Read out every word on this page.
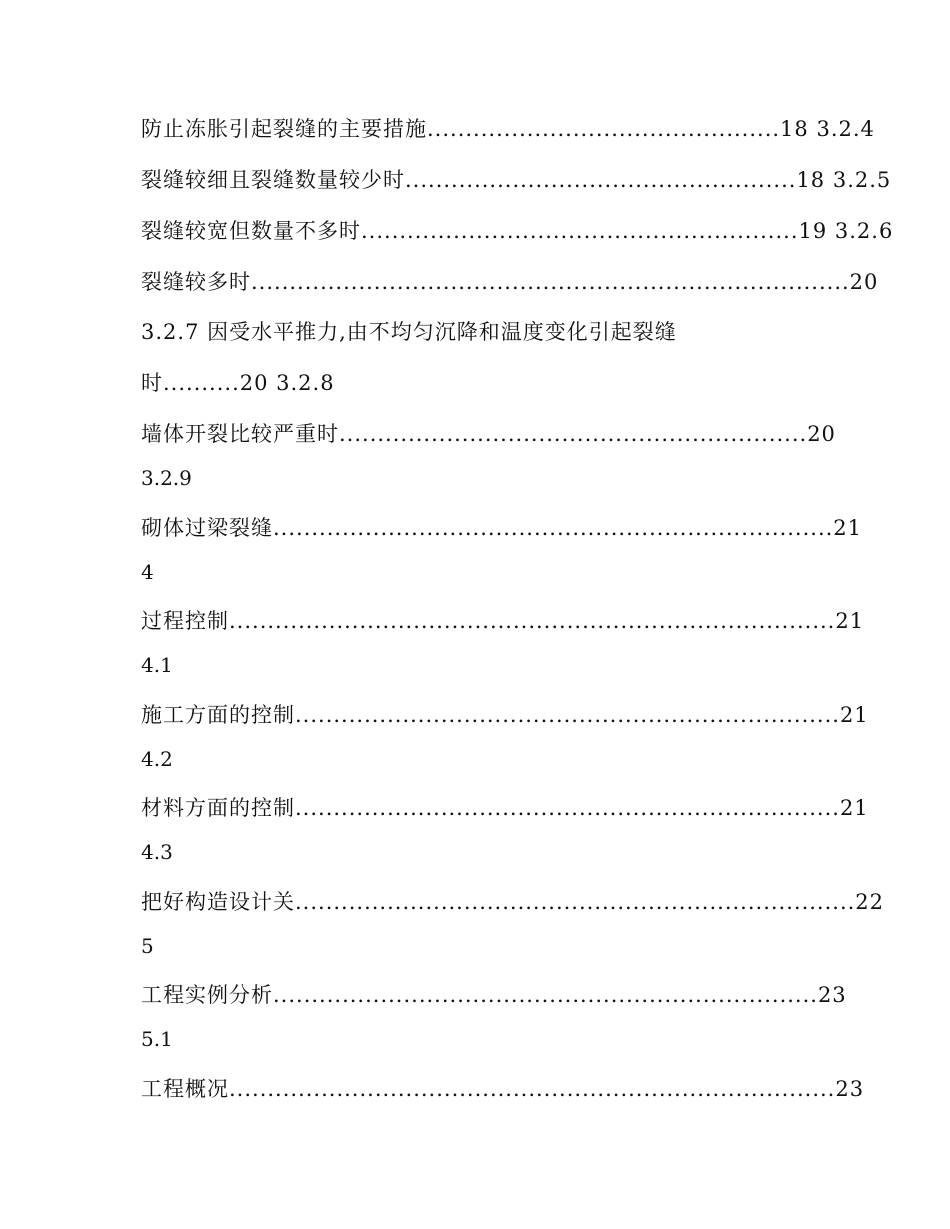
防止冻胀引起裂缝的主要措施..............................................18 3.2.4
裂缝较细且裂缝数量较少时...................................................18 3.2.5
裂缝较宽但数量不多时.........................................................19 3.2.6
裂缝较多时..............................................................................20
3.2.7 因受水平推力,由不均匀沉降和温度变化引起裂缝
时..........20 3.2.8
墙体开裂比较严重时.............................................................20
3.2.9
砌体过梁裂缝.........................................................................21
4
过程控制...............................................................................21
4.1
施工方面的控制.......................................................................21
4.2
材料方面的控制.......................................................................21
4.3
把好构造设计关.........................................................................22
5
工程实例分析.......................................................................23
5.1
工程概况...............................................................................23
